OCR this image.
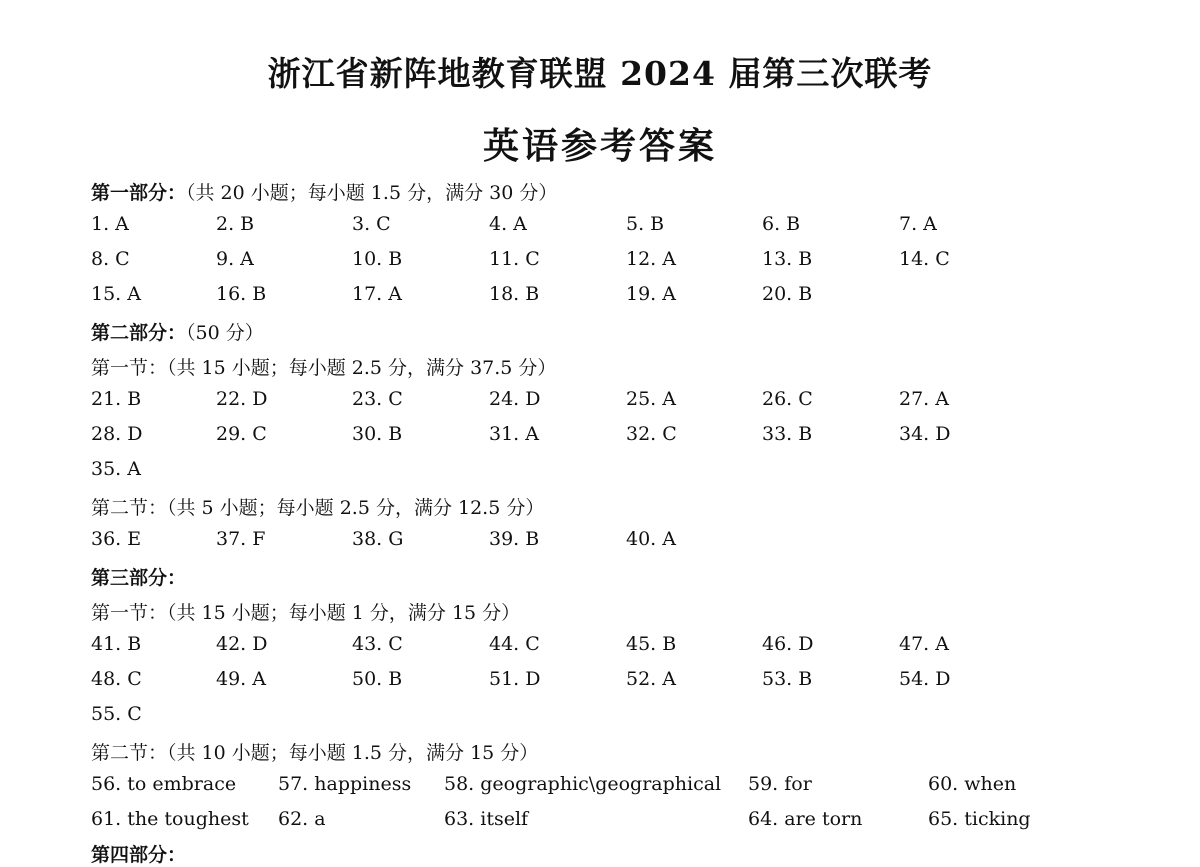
浙江省新阵地教育联盟 2024 届第三次联考
英语参考答案
第一部分：（共 20 小题；每小题 1.5 分，满分 30 分）
第二部分：（50 分）
第一节：（共 15 小题；每小题 2.5 分，满分 37.5 分）
第二节：（共 5 小题；每小题 2.5 分，满分 12.5 分）
第三部分：
第一节：（共 15 小题；每小题 1 分，满分 15 分）
第二节：（共 10 小题；每小题 1.5 分，满分 15 分）
第四部分：
1. A	2. B	3. C	4. A	5. B	6. B	7. A
8. C	9. A	10. B	11. C	12. A	13. B	14. C
15. A	16. B	17. A	18. B	19. A	20. B
21. B	22. D	23. C	24. D	25. A	26. C	27. A
28. D	29. C	30. B	31. A	32. C	33. B	34. D
35. A
36. E	37. F	38. G	39. B	40. A
41. B	42. D	43. C	44. C	45. B	46. D	47. A
48. C	49. A	50. B	51. D	52. A	53. B	54. D
55. C
56. to embrace 57. happiness 58. geographic\geographical 59. for	60. when
61. the toughest 62. a	63. itself	64. are torn	65. ticking
